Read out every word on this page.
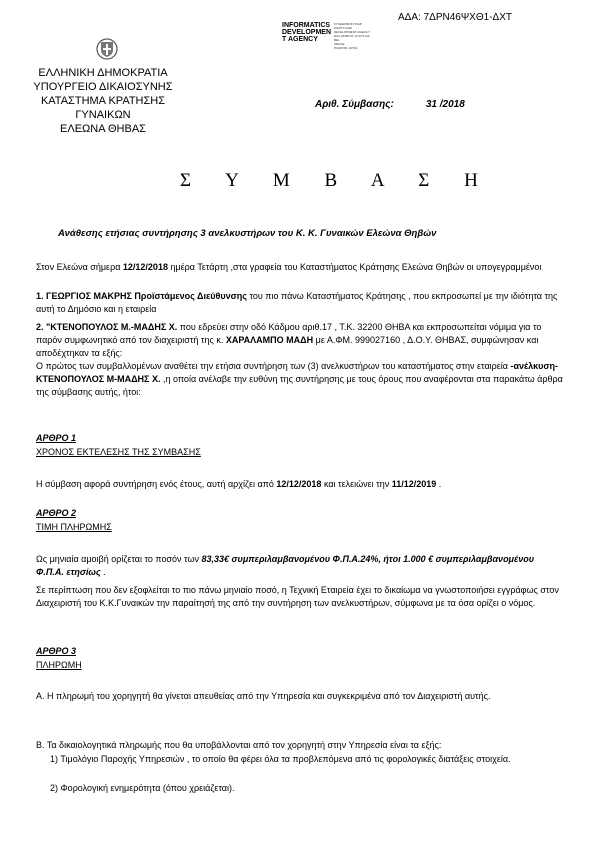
ΑΔΑ: 7ΔΡΝ46ΨΧΘ1-ΔΧΤ
INFORMATICS
DEVELOPMEN
T AGENCYΣΥΝΔΕΣΜΟΣ ΠΛΗΡ.
ΑΝΑΠΤΥΞΗΣ
DEVELOPMENT AGENCY
ΩΑΛ 20180.07.12 03:5+03
BEL
PRAGE
ΠΛΗΡΟΦ. ΑΡΧΙΑ
ΕΛΛΗΝΙΚΗ ΔΗΜΟΚΡΑΤΙΑ
ΥΠΟΥΡΓΕΙΟ ΔΙΚΑΙΟΣΥΝΗΣ
ΚΑΤΑΣΤΗΜΑ ΚΡΑΤΗΣΗΣ
ΓΥΝΑΙΚΩΝ
ΕΛΕΩΝΑ ΘΗΒΑΣ
Αριθ. Σύμβασης:	31 /2018
Σ Υ Μ Β Α Σ Η
Ανάθεσης ετήσιας συντήρησης 3 ανελκυστήρων του Κ. Κ. Γυναικών Ελεώνα Θηβών
Στον Ελεώνα σήμερα 12/12/2018 ημέρα Τετάρτη ,στα γραφεία του Καταστήματος Κράτησης Ελεώνα Θηβών οι υπογεγραμμένοι
1. ΓΕΩΡΓΙΟΣ ΜΑΚΡΗΣ Προϊστάμενος Διεύθυνσης του πιο πάνω Καταστήματος Κράτησης , που εκπροσωπεί με την ιδιότητα της αυτή το Δημόσιο και η εταιρεία
2. "ΚΤΕΝΟΠΟΥΛΟΣ Μ.-ΜΑΔΗΣ Χ. που εδρεύει στην οδό Κάδμου αριθ.17 , Τ.Κ. 32200 ΘΗΒΑ και εκπροσωπείται νόμιμα για το παρόν συμφωνητικό από τον διαχειριστή της κ. ΧΑΡΑΛΑΜΠΟ ΜΑΔΗ με Α.ΦΜ. 999027160 , Δ.Ο.Υ. ΘΗΒΑΣ, συμφώνησαν και αποδέχτηκαν τα εξής:
Ο πρώτος των συμβαλλομένων αναθέτει την ετήσια συντήρηση των (3) ανελκυστήρων του καταστήματος στην εταιρεία -ανέλκυση- ΚΤΕΝΟΠΟΥΛΟΣ Μ-ΜΑΔΗΣ Χ. ,η οποία ανέλαβε την ευθύνη της συντήρησης με τους όρους που αναφέρονται στα παρακάτω άρθρα της σύμβασης αυτής, ήτοι:
ΑΡΘΡΟ 1
ΧΡΟΝΟΣ ΕΚΤΕΛΕΣΗΣ ΤΗΣ ΣΥΜΒΑΣΗΣ
Η σύμβαση αφορά συντήρηση ενός έτους, αυτή αρχίζει από 12/12/2018 και τελειώνει την 11/12/2019 .
ΑΡΘΡΟ 2
ΤΙΜΗ ΠΛΗΡΩΜΗΣ
Ως μηνιαία αμοιβή ορίζεται το ποσόν των 83,33€ συμπεριλαμβανομένου Φ.Π.Α.24%, ήτοι 1.000 € συμπεριλαμβανομένου Φ.Π.Α. ετησίως .
Σε περίπτωση που δεν εξοφλείται το πιο πάνω μηνιαίο ποσό, η Τεχνική Εταιρεία έχει το δικαίωμα να γνωστοποιήσει εγγράφως στον Διαχειριστή του Κ.Κ.Γυναικών την παραίτησή της από την συντήρηση των ανελκυστήρων, σύμφωνα με τα όσα ορίζει ο νόμος.
ΑΡΘΡΟ 3
ΠΛΗΡΩΜΗ
Α. Η πληρωμή του χορηγητή θα γίνεται απευθείας από την Υπηρεσία και συγκεκριμένα από τον Διαχειριστή αυτής.
Β. Τα δικαιολογητικά πληρωμής που θα υποβάλλονται από τον χορηγητή στην Υπηρεσία είναι τα εξής:
1) Τιμολόγιο Παροχής Υπηρεσιών , το οποίο θα φέρει όλα τα προβλεπόμενα από τις φορολογικές διατάξεις στοιχεία.
2) Φορολογική ενημερότητα (όπου χρειάζεται).
